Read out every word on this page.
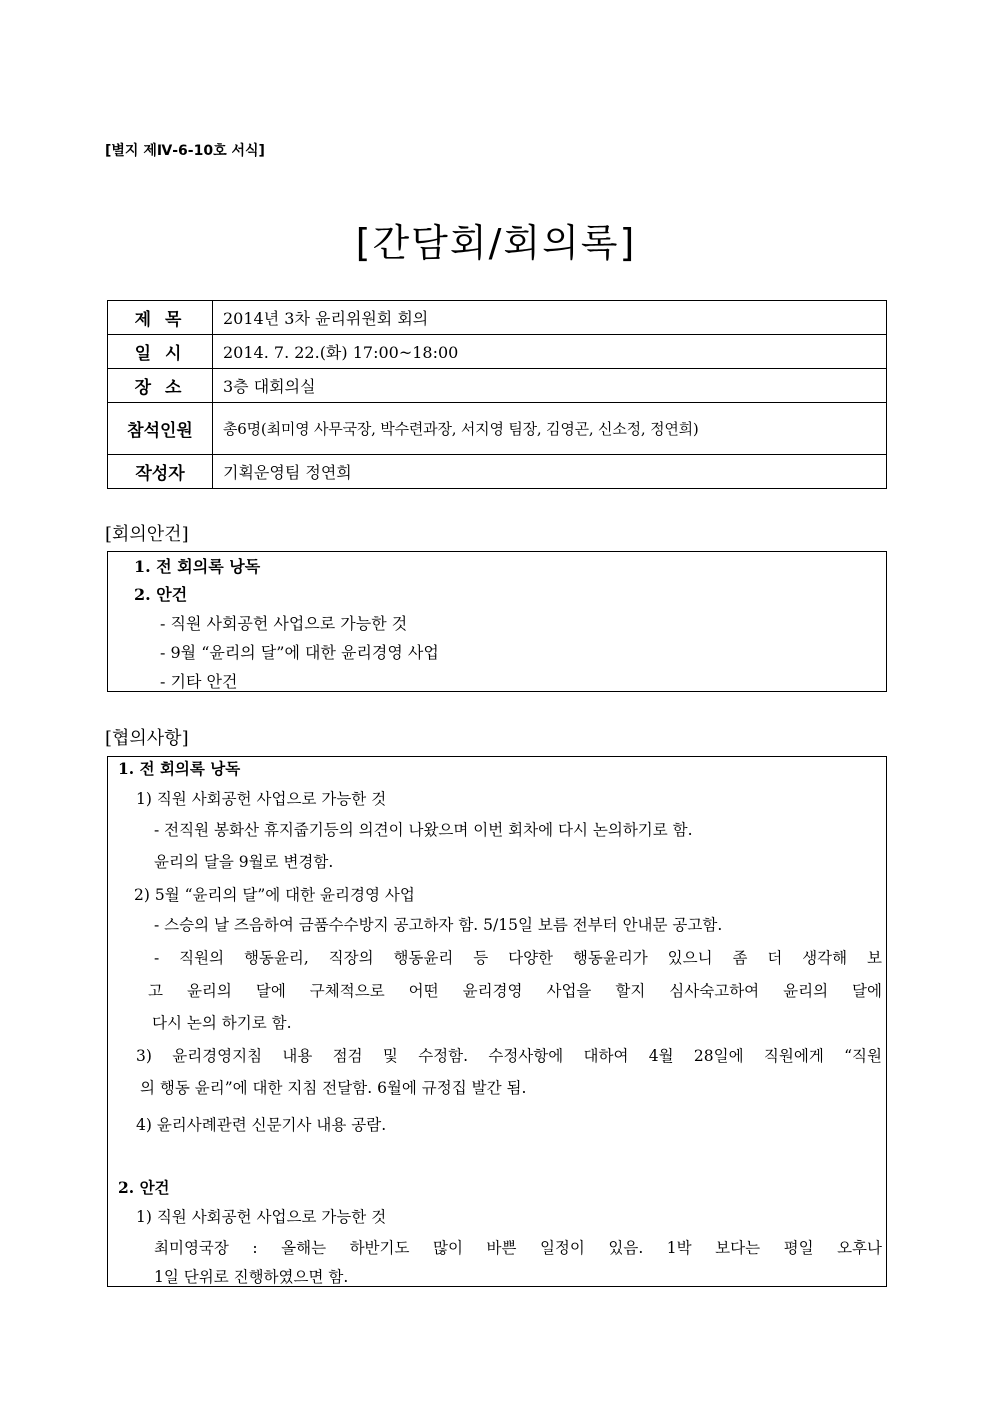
[별지 제Ⅳ-6-10호 서식]
[간담회/회의록]
제 목	2014년 3차 윤리위원회 회의
일 시	2014. 7. 22.(화) 17:00~18:00
장 소	3층 대회의실
참석인원	총6명(최미영 사무국장, 박수련과장, 서지영 팀장, 김영곤, 신소정, 정연희)
작성자	기획운영팀 정연희
[회의안건]
1. 전 회의록 낭독
2. 안건
- 직원 사회공헌 사업으로 가능한 것
- 9월 “윤리의 달”에 대한 윤리경영 사업
- 기타 안건
[협의사항]
1. 전 회의록 낭독
1) 직원 사회공헌 사업으로 가능한 것
- 전직원 봉화산 휴지줍기등의 의견이 나왔으며 이번 회차에 다시 논의하기로 함.
윤리의 달을 9월로 변경함.
2) 5월 “윤리의 달”에 대한 윤리경영 사업
- 스승의 날 즈음하여 금품수수방지 공고하자 함. 5/15일 보름 전부터 안내문 공고함.
- 직원의 행동윤리, 직장의 행동윤리 등 다양한 행동윤리가 있으니 좀 더 생각해 보
고 윤리의 달에 구체적으로 어떤 윤리경영 사업을 할지 심사숙고하여 윤리의 달에
다시 논의 하기로 함.
3) 윤리경영지침 내용 점검 및 수정함. 수정사항에 대하여 4월 28일에 직원에게 “직원
의 행동 윤리”에 대한 지침 전달함. 6월에 규정집 발간 됨.
4) 윤리사례관련 신문기사 내용 공람.
2. 안건
1) 직원 사회공헌 사업으로 가능한 것
최미영국장 : 올해는 하반기도 많이 바쁜 일정이 있음. 1박 보다는 평일 오후나
1일 단위로 진행하였으면 함.
